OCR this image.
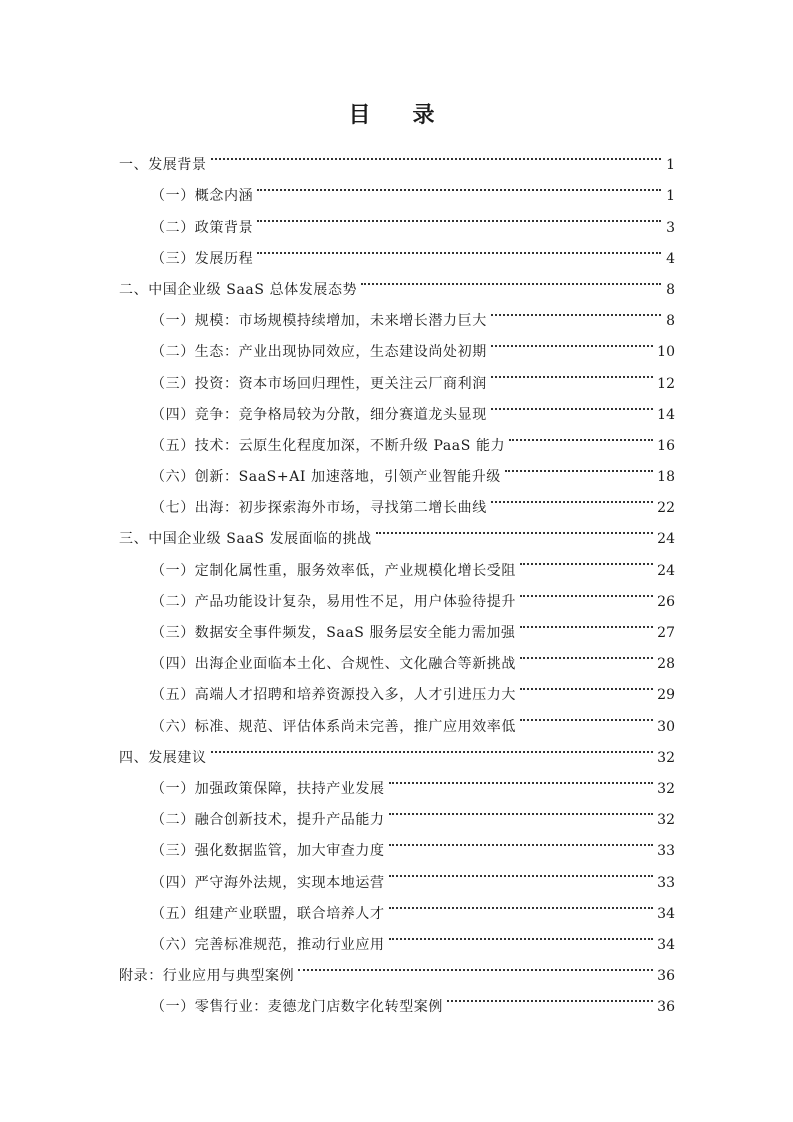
目　录
一、发展背景	1
（一）概念内涵	1
（二）政策背景	3
（三）发展历程	4
二、中国企业级 SaaS 总体发展态势	8
（一）规模：市场规模持续增加，未来增长潜力巨大	8
（二）生态：产业出现协同效应，生态建设尚处初期	10
（三）投资：资本市场回归理性，更关注云厂商利润	12
（四）竞争：竞争格局较为分散，细分赛道龙头显现	14
（五）技术：云原生化程度加深，不断升级 PaaS 能力	16
（六）创新：SaaS+AI 加速落地，引领产业智能升级	18
（七）出海：初步探索海外市场，寻找第二增长曲线	22
三、中国企业级 SaaS 发展面临的挑战	24
（一）定制化属性重，服务效率低，产业规模化增长受阻	24
（二）产品功能设计复杂，易用性不足，用户体验待提升	26
（三）数据安全事件频发，SaaS 服务层安全能力需加强	27
（四）出海企业面临本土化、合规性、文化融合等新挑战	28
（五）高端人才招聘和培养资源投入多，人才引进压力大	29
（六）标准、规范、评估体系尚未完善，推广应用效率低	30
四、发展建议	32
（一）加强政策保障，扶持产业发展	32
（二）融合创新技术，提升产品能力	32
（三）强化数据监管，加大审查力度	33
（四）严守海外法规，实现本地运营	33
（五）组建产业联盟，联合培养人才	34
（六）完善标准规范，推动行业应用	34
附录：行业应用与典型案例	36
（一）零售行业：麦德龙门店数字化转型案例	36
